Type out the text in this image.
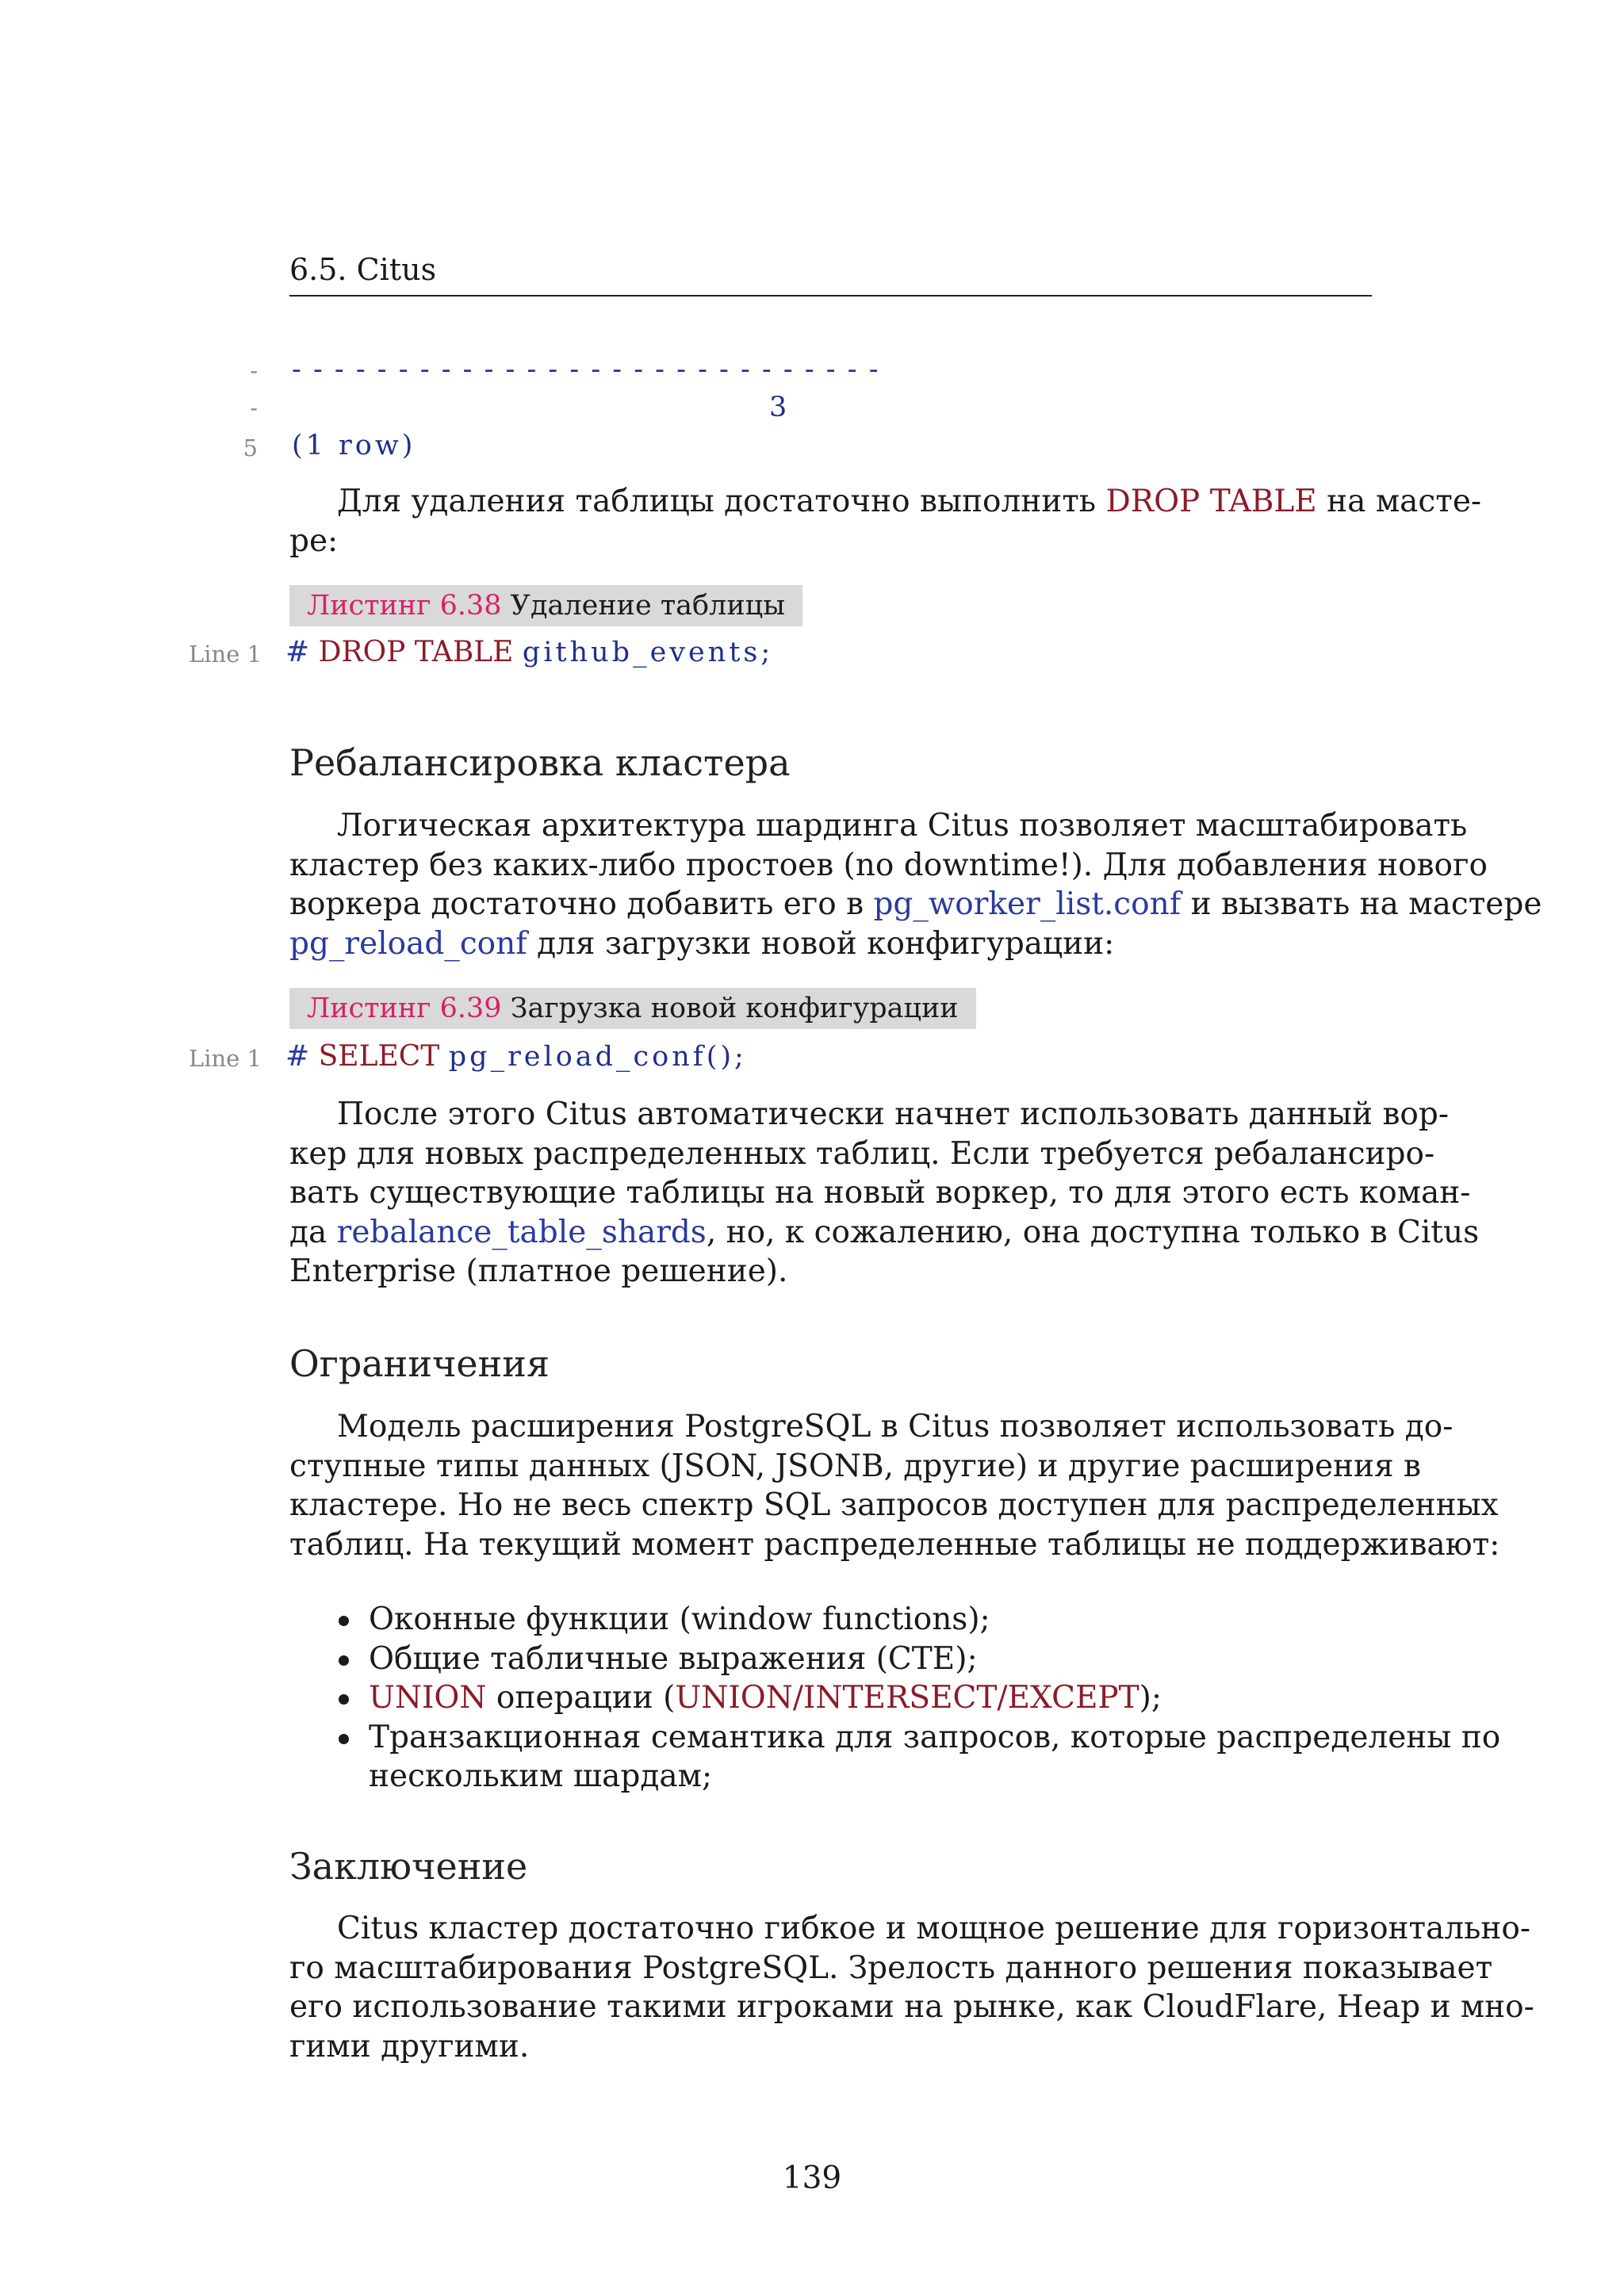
6.5. Citus
- - - - - - - - - - - - - - - - - - - - - - - - - - - - -
-	3
5 (1 row)
Для удаления таблицы достаточно выполнить DROP TABLE на масте-
ре:
Листинг 6.38 Удаление таблицы
Line 1 # DROP TABLE github_events;
Ребалансировка кластера
Логическая архитектура шардинга Citus позволяет масштабировать
кластер без каких-либо простоев (no downtime!). Для добавления нового
воркера достаточно добавить его в pg_worker_list.conf и вызвать на мастере
pg_reload_conf для загрузки новой конфигурации:
Листинг 6.39 Загрузка новой конфигурации
Line 1 # SELECT pg_reload_conf();
После этого Citus автоматически начнет использовать данный вор-
кер для новых распределенных таблиц. Если требуется ребалансиро-
вать существующие таблицы на новый воркер, то для этого есть коман-
да rebalance_table_shards, но, к сожалению, она доступна только в Citus
Enterprise (платное решение).
Ограничения
Модель расширения PostgreSQL в Citus позволяет использовать до-
ступные типы данных (JSON, JSONB, другие) и другие расширения в
кластере. Но не весь спектр SQL запросов доступен для распределенных
таблиц. На текущий момент распределенные таблицы не поддерживают:
Оконные функции (window functions);
Общие табличные выражения (CTE);
UNION операции (UNION/INTERSECT/EXCEPT);
Транзакционная семантика для запросов, которые распределены по
нескольким шардам;
Заключение
Citus кластер достаточно гибкое и мощное решение для горизонтально-
го масштабирования PostgreSQL. Зрелость данного решения показывает
его использование такими игроками на рынке, как CloudFlare, Heap и мно-
гими другими.
139
